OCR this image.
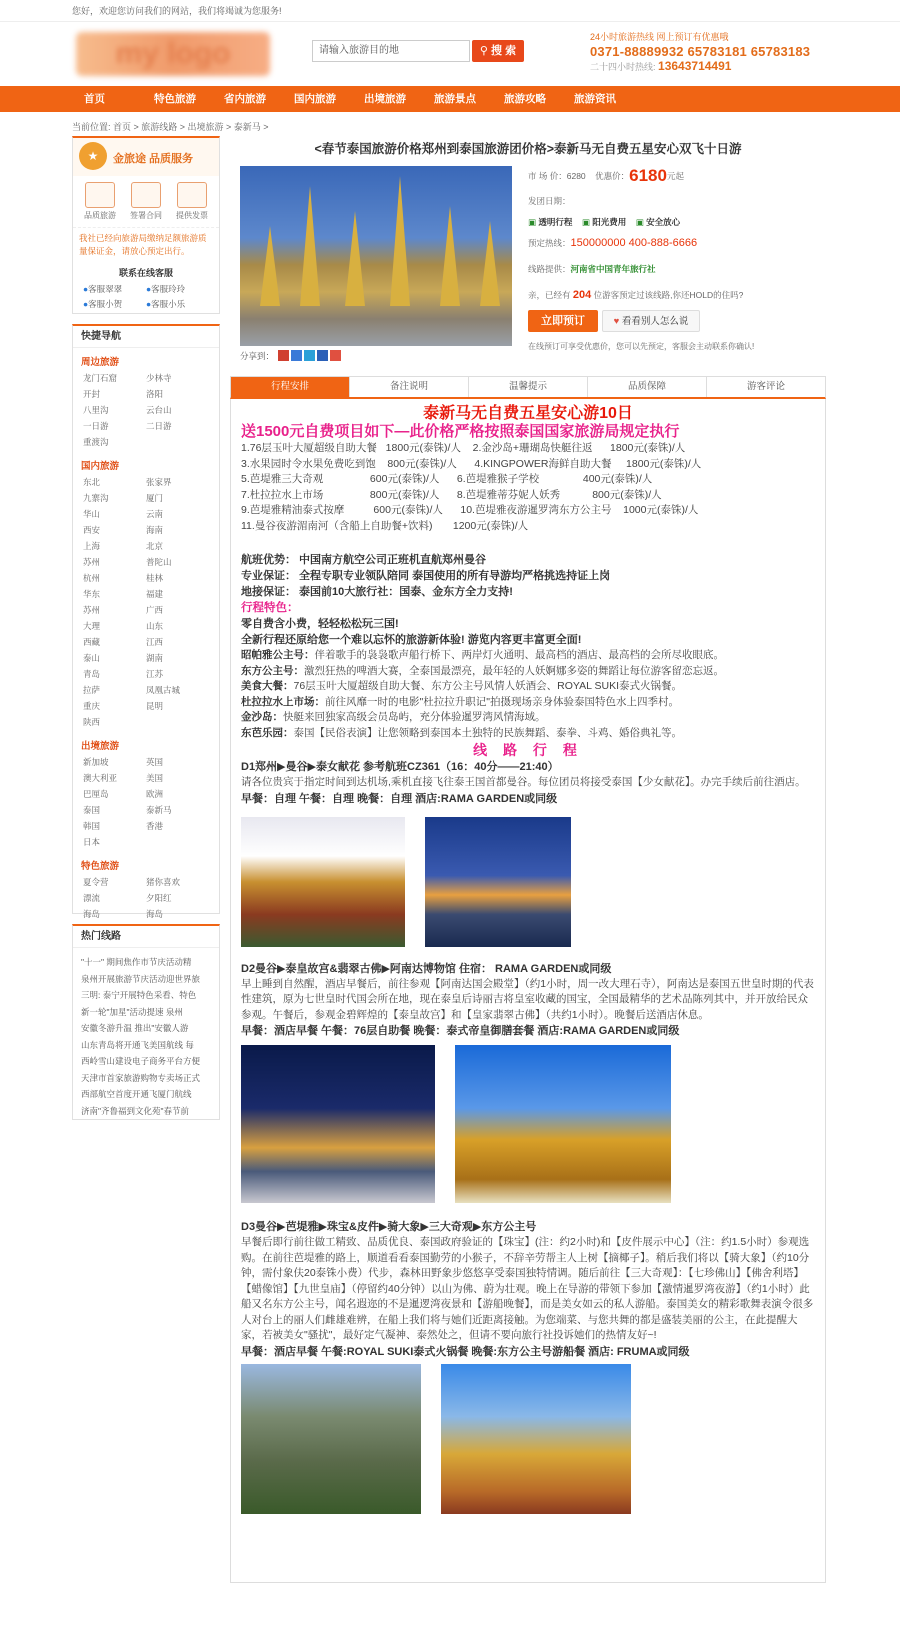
您好，欢迎您访问我们的网站，我们将竭诚为您服务!
my logo	请输入旅游目的地	⚲ 搜 索
24小时旅游热线 网上预订有优惠哦
0371-88889932 65783181 65783183
二十四小时热线: 13643714491
首页	特色旅游	省内旅游	国内旅游	出境旅游	旅游景点	旅游攻略	旅游资讯
当前位置: 首页 > 旅游线路 > 出境旅游 > 泰新马 >
★	金旅途 品质服务
品质旅游 签署合同 提供发票
我社已经向旅游局缴纳足额旅游质量保证金，请放心预定出行。
联系在线客服
● 客服翠翠	● 客服玲玲
● 客服小贺	● 客服小乐
快捷导航
周边旅游
龙门石窟	少林寺
开封	洛阳
八里沟	云台山
一日游	二日游
重渡沟
国内旅游
东北	张家界
九寨沟	厦门
华山	云南
西安	海南
上海	北京
苏州	普陀山
杭州	桂林
华东	福建
苏州	广西
大理	山东
西藏	江西
泰山	湖南
青岛	江苏
拉萨	凤凰古城
重庆	昆明
陕西
出境旅游
新加坡	英国
澳大利亚	美国
巴厘岛	欧洲
泰国	泰新马
韩国	香港
日本
特色旅游
夏令营	猪你喜欢
漂流	夕阳红
海岛	海岛
热门线路
"十一" 期间焦作市节庆活动精
泉州开展旅游节庆活动迎世界旅
三明: 泰宁开展特色采看、特色
新一轮"加星"活动提速 泉州
安徽冬游升温 推出"安徽人游
山东青岛将开通飞美国航线 每
西岭雪山建设电子商务平台方便
天津市首家旅游购物专卖场正式
西部航空首度开通飞厦门航线
济南"齐鲁福到文化苑"春节前
<春节泰国旅游价格郑州到泰国旅游团价格>泰新马无自费五星安心双飞十日游
分享到：
市 场 价：6280 优惠价：6180元起
发团日期：
▣ 透明行程 ▣ 阳光费用 ▣ 安全放心
预定热线：150000000 400-888-6666
线路提供：河南省中国青年旅行社
亲，已经有 204 位游客预定过该线路,你还HOLD的住吗?
立即预订	♥ 看看别人怎么说
在线预订可享受优惠价，您可以先预定，客服会主动联系你确认!
行程安排	备注说明	温馨提示	品质保障	游客评论
泰新马无自费五星安心游10日
送1500元自费项目如下—此价格严格按照泰国国家旅游局规定执行
1.76层玉叶大厦超级自助大餐   1800元(泰铢)/人    2.金沙岛+珊瑚岛快艇往返      1800元(泰铢)/人
3.水果园时令水果免费吃到饱    800元(泰铢)/人      4.KINGPOWER海鲜自助大餐     1800元(泰铢)/人
5.芭堤雅三大奇观                600元(泰铢)/人      6.芭堤雅猴子学校               400元(泰铢)/人
7.杜拉拉水上市场                800元(泰铢)/人      8.芭堤雅蒂芬妮人妖秀           800元(泰铢)/人
9.芭堤雅精油泰式按摩          600元(泰铢)/人      10.芭堤雅夜游暹罗湾东方公主号    1000元(泰铢)/人
11.曼谷夜游湄南河（含船上自助餐+饮料)       1200元(泰铢)/人
航班优势： 中国南方航空公司正班机直航郑州曼谷
专业保证： 全程专职专业领队陪同 泰国使用的所有导游均严格挑选持证上岗
地接保证： 泰国前10大旅行社：国泰、金东方全力支持!
行程特色：
零自费含小费，轻轻松松玩三国!
全新行程还原给您一个难以忘怀的旅游新体验! 游览内容更丰富更全面!
昭帕雅公主号：伴着歌手的袅袅歌声船行桥下、两岸灯火通明、最高档的酒店、最高档的会所尽收眼底。
东方公主号：激烈狂热的啤酒大赛，全泰国最漂亮，最年轻的人妖婀娜多姿的舞蹈让每位游客留恋忘返。
美食大餐：76层玉叶大厦超级自助大餐、东方公主号风情人妖酒会、ROYAL SUKI泰式火锅餐。
杜拉拉水上市场：前往风靡一时的电影"杜拉拉升职记"拍摄现场亲身体验泰国特色水上四季村。
金沙岛：快艇来回独家高级会员岛屿，充分体验暹罗湾风情海域。
东芭乐园：泰国【民俗表演】让您领略到泰国本土独特的民族舞蹈、泰拳、斗鸡、婚俗典礼等。
线 路 行 程
D1郑州▶曼谷▶泰女献花 参考航班CZ361（16：40分——21:40）
请各位贵宾于指定时间到达机场,乘机直接飞往泰王国首都曼谷。每位团员将接受泰国【少女献花】。办完手续后前往酒店。
早餐：自理 午餐：自理 晚餐：自理 酒店:RAMA GARDEN或同级
D2曼谷▶泰皇故宫&翡翠古佛▶阿南达博物馆 住宿： RAMA GARDEN或同级
早上睡到自然醒，酒店早餐后，前往参观【阿南达国会殿堂】（约1小时，周一改大理石寺），阿南达是泰国五世皇时期的代表性建筑，原为七世皇时代国会所在地，现在泰皇后诗丽吉将皇室收藏的国宝，全国最精华的艺术品陈列其中，并开放给民众参观。午餐后，参观金碧辉煌的【泰皇故宫】和【皇家翡翠古佛】（共约1小时）。晚餐后送酒店休息。
早餐：酒店早餐 午餐：76层自助餐 晚餐：泰式帝皇御膳套餐 酒店:RAMA GARDEN或同级
D3曼谷▶芭堤雅▶珠宝&皮件▶骑大象▶三大奇观▶东方公主号
早餐后即行前往做工精致、品质优良、泰国政府验证的【珠宝】(注：约2小时)和【皮件展示中心】（注：约1.5小时）参观选购。在前往芭堤雅的路上，顺道看看泰国勤劳的小猴子，不辞辛劳帮主人上树【摘椰子】。稍后我们将以【骑大象】（约10分钟，需付象伕20泰铢小费）代步，森林田野象步悠悠享受泰国独特情调。随后前往【三大奇观】：【七珍佛山】【佛舍利塔】【蜡像馆】【九世皇庙】（停留约40分钟）以山为佛、蔚为壮观。晚上在导游的带领下参加【激情暹罗湾夜游】（约1小时）此船又名东方公主号，闻名遐迩的不是暹逻湾夜景和【游船晚餐】，而是美女如云的私人游船。泰国美女的精彩歌舞表演令很多人对台上的丽人们雌雄难辨，在船上我们将与她们近距离接触。为您端菜、与您共舞的都是盛装美丽的公主，在此提醒大家，若被美女"骚扰"，最好定气凝神、泰然处之，但请不要向旅行社投诉她们的热情友好~!
早餐：酒店早餐 午餐:ROYAL SUKI泰式火锅餐 晚餐:东方公主号游船餐 酒店: FRUMA或同级
